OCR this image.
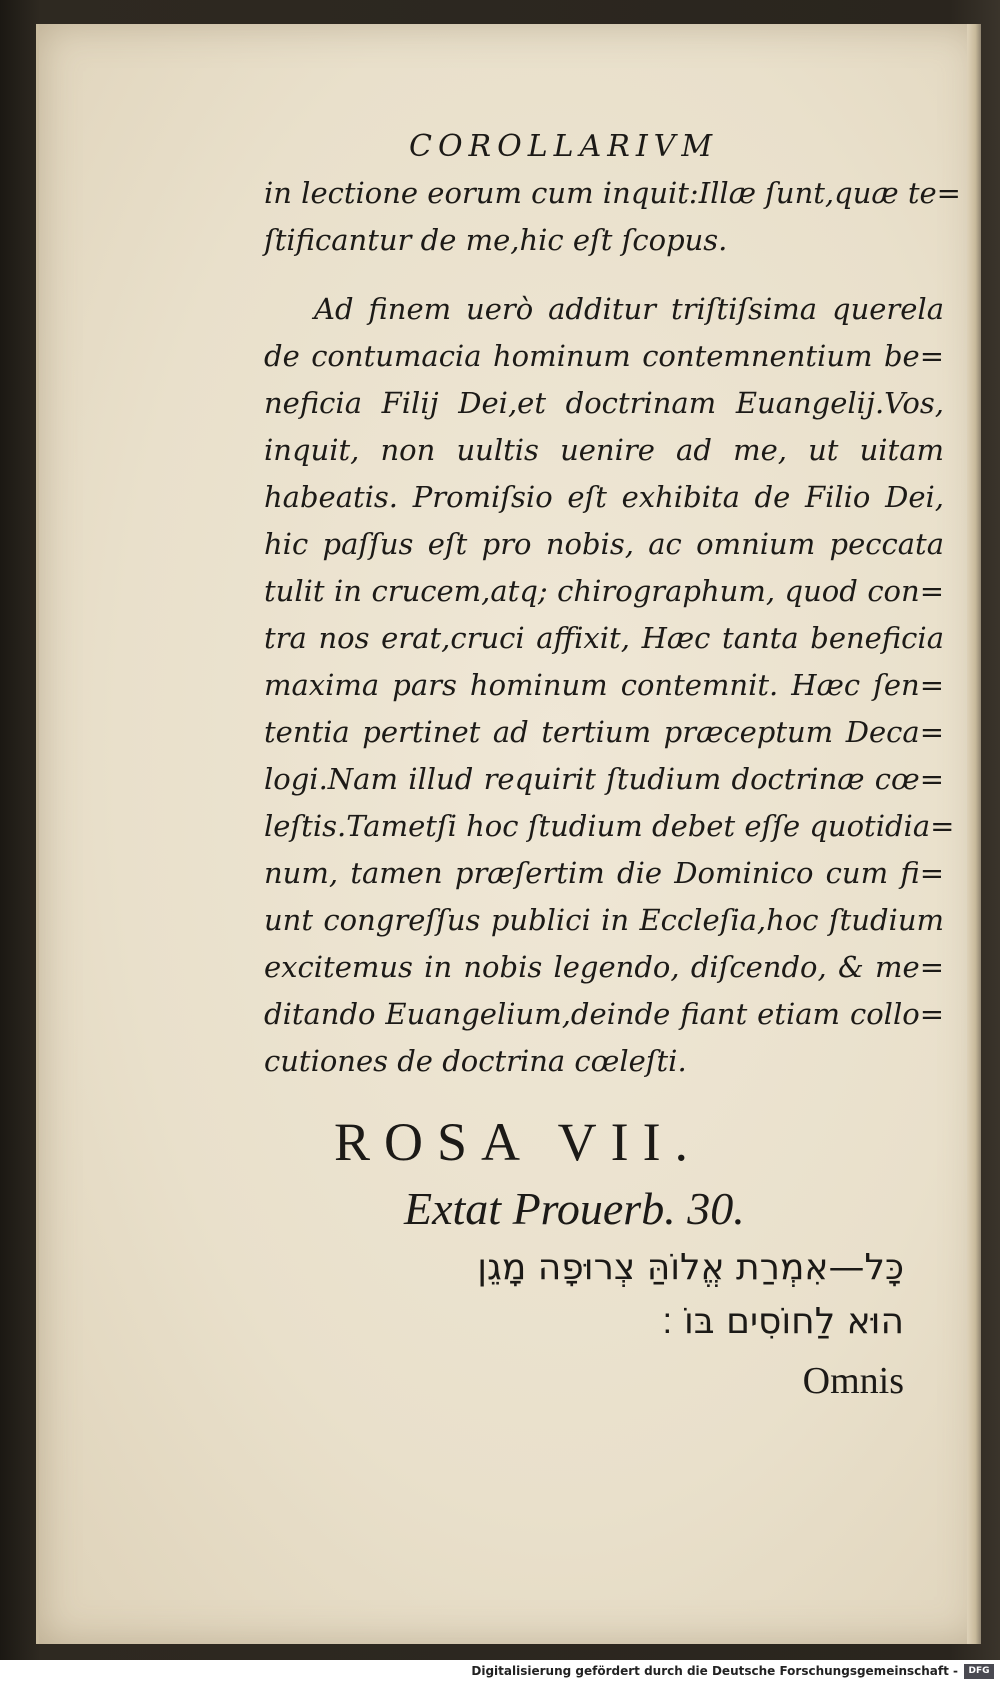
COROLLARIVM
in lectione eorum cum inquit:Illæ ſunt,quæ te=
ſtificantur de me,hic eſt ſcopus.
Ad finem uerò additur triſtiſsima querela
de contumacia hominum contemnentium be=
neficia Filij Dei,et doctrinam Euangelij.Vos,
inquit, non uultis uenire ad me, ut uitam
habeatis. Promiſsio eſt exhibita de Filio Dei,
hic paſſus eſt pro nobis, ac omnium peccata
tulit in crucem,atq; chirographum, quod con=
tra nos erat,cruci affixit, Hæc tanta beneficia
maxima pars hominum contemnit. Hæc ſen=
tentia pertinet ad tertium præceptum Deca=
logi.Nam illud requirit ſtudium doctrinæ cœ=
leſtis.Tametſi hoc ſtudium debet eſſe quotidia=
num, tamen præſertim die Dominico cum fi=
unt congreſſus publici in Eccleſia,hoc ſtudium
excitemus in nobis legendo, diſcendo, & me=
ditando Euangelium,deinde fiant etiam collo=
cutiones de doctrina cœleſti.
ROSA VII.
Extat Prouerb. 30.
כָּל—אִמְרַת אֱלוֹהַּ צְרוּפָה מָגֵן
הוּא לַחוֹסִים בּוֹ ׃
Omnis
Digitalisierung gefördert durch die Deutsche Forschungsgemeinschaft -	DFG
